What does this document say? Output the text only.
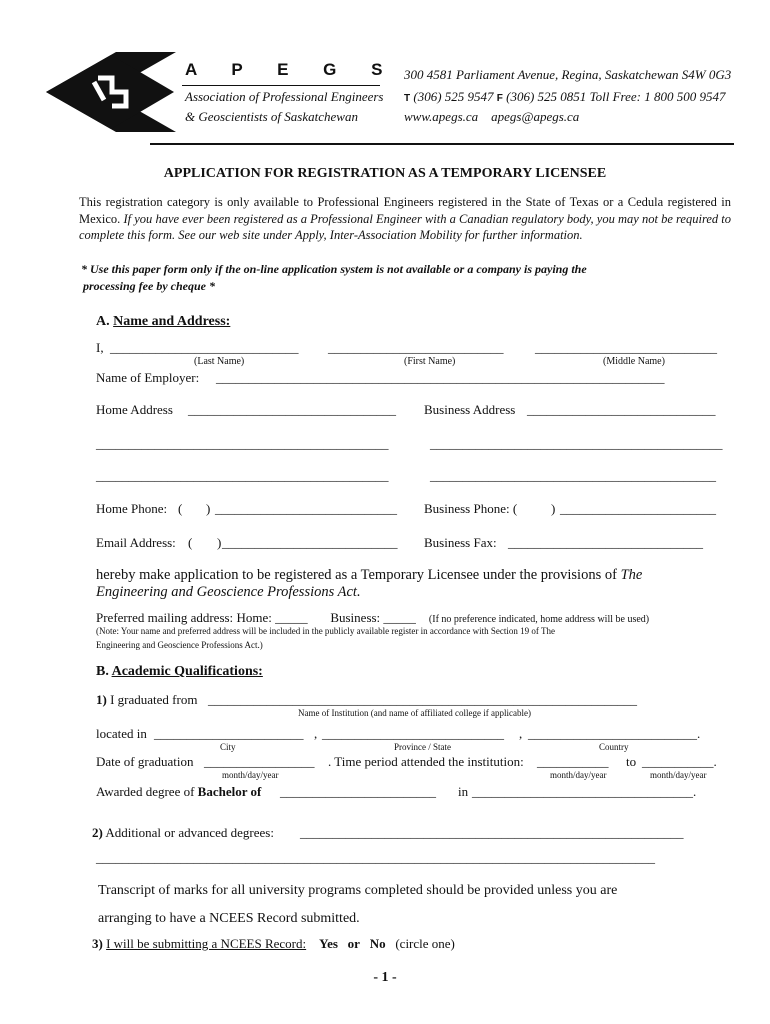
A P E G S
Association of Professional Engineers
& Geoscientists of Saskatchewan
300 4581 Parliament Avenue, Regina, Saskatchewan S4W 0G3
T (306) 525 9547 F (306) 525 0851 Toll Free: 1 800 500 9547
www.apegs.ca apegs@apegs.ca
APPLICATION FOR REGISTRATION AS A TEMPORARY LICENSEE
This registration category is only available to Professional Engineers registered in the State of Texas or a Cedula registered in Mexico. If you have ever been registered as a Professional Engineer with a Canadian regulatory body, you may not be required to complete this form. See our web site under Apply, Inter-Association Mobility for further information.
* Use this paper form only if the on-line application system is not available or a company is paying the
processing fee by cheque *
A. Name and Address:
I, _____________________________ ___________________________ ____________________________
(Last Name)	(First Name)	(Middle Name)
Name of Employer: _____________________________________________________________________
Home Address ________________________________ Business Address _____________________________
_____________________________________________	_____________________________________________
_____________________________________________	____________________________________________
Home Phone: ( ) ____________________________ Business Phone: (	) ________________________
Email Address: ( ) ___________________________ Business Fax: ______________________________
hereby make application to be registered as a Temporary Licensee under the provisions of The
Engineering and Geoscience Professions Act.
Preferred mailing address: Home: _____ Business: _____ (If no preference indicated, home address will be used)
(Note: Your name and preferred address will be included in the publicly available register in accordance with Section 19 of The
Engineering and Geoscience Professions Act.)
B. Academic Qualifications:
1) I graduated from __________________________________________________________________
Name of Institution (and name of affiliated college if applicable)
located in _______________________ , ____________________________ , __________________________.
City	Province / State	Country
Date of graduation _________________ . Time period attended the institution: ___________ to ___________.
month/day/year	month/day/year	month/day/year
Awarded degree of Bachelor of ________________________ in __________________________________.
2) Additional or advanced degrees: ___________________________________________________________
______________________________________________________________________________________
Transcript of marks for all university programs completed should be provided unless you are
arranging to have a NCEES Record submitted.
3) I will be submitting a NCEES Record: Yes or No (circle one)
- 1 -
